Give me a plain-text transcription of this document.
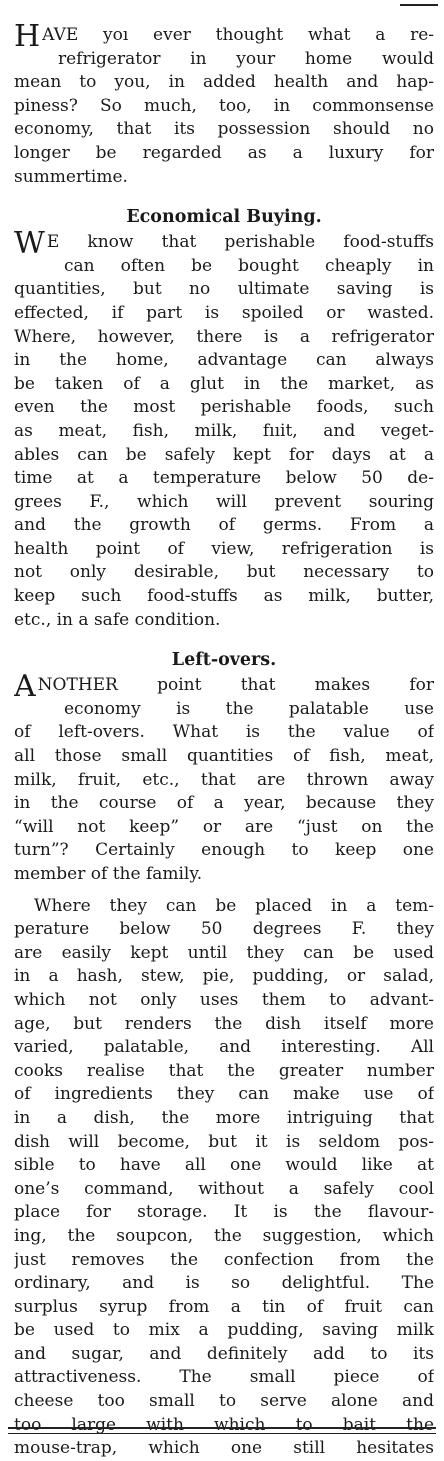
HAVE yoı ever thought what a re-
refrigerator in your home would
mean to you, in added health and hap-
piness? So much, too, in commonsense
economy, that its possession should no
longer be regarded as a luxury for
summertime.
Economical Buying.
W E know that perishable food-stuffs
can often be bought cheaply in
quantities, but no ultimate saving is
effected, if part is spoiled or wasted.
Where, however, there is a refrigerator
in the home, advantage can always
be taken of a glut in the market, as
even the most perishable foods, such
as meat, fish, milk, fııit, and veget-
ables can be safely kept for days at a
time at a temperature below 50 de-
grees F., which will prevent souring
and the growth of germs. From a
health point of view, refrigeration is
not only desirable, but necessary to
keep such food-stuffs as milk, butter,
etc., in a safe condition.
Left-overs.
ANOTHER point that makes for
economy is the palatable use
of left-overs. What is the value of
all those small quantities of fish, meat,
milk, fruit, etc., that are thrown away
in the course of a year, because they
“will not keep” or are “just on the
turn”? Certainly enough to keep one
member of the family.
Where they can be placed in a tem-
perature below 50 degrees F. they
are easily kept until they can be used
in a hash, stew, pie, pudding, or salad,
which not only uses them to advant-
age, but renders the dish itself more
varied, palatable, and interesting. All
cooks realise that the greater number
of ingredients they can make use of
in a dish, the more intriguing that
dish will become, but it is seldom pos-
sible to have all one would like at
one’s command, without a safely cool
place for storage. It is the flavour-
ing, the soupcon, the suggestion, which
just removes the confection from the
ordinary, and is so delightful. The
surplus syrup from a tin of fruit can
be used to mix a pudding, saving milk
and sugar, and definitely add to its
attractiveness. The small piece of
cheese too small to serve alone and
too large with which to bait the
mouse-trap, which one still hesitates
